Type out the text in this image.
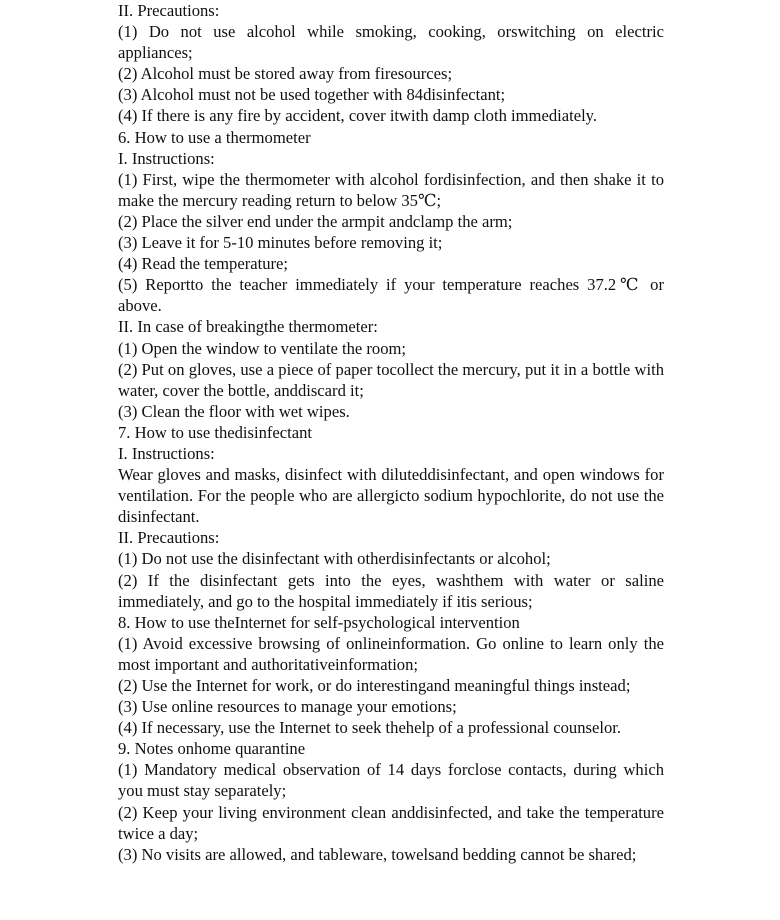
II. Precautions:

(1) Do not use alcohol while smoking, cooking, orswitching on electric appliances;

(2) Alcohol must be stored away from firesources;

(3) Alcohol must not be used together with 84disinfectant;

(4) If there is any fire by accident, cover itwith damp cloth immediately.

6. How to use a thermometer

I. Instructions:

(1) First, wipe the thermometer with alcohol fordisinfection, and then shake it to make the mercury reading return to below 35℃;

(2) Place the silver end under the armpit andclamp the arm;

(3) Leave it for 5-10 minutes before removing it;

(4) Read the temperature;

(5) Reportto the teacher immediately if your temperature reaches 37.2℃ or above.

II. In case of breakingthe thermometer:

(1) Open the window to ventilate the room;

(2) Put on gloves, use a piece of paper tocollect the mercury, put it in a bottle with water, cover the bottle, anddiscard it;

(3) Clean the floor with wet wipes.

7. How to use thedisinfectant

I. Instructions:

Wear gloves and masks, disinfect with diluteddisinfectant, and open windows for ventilation. For the people who are allergicto sodium hypochlorite, do not use the disinfectant.

II. Precautions:

(1) Do not use the disinfectant with otherdisinfectants or alcohol;

(2) If the disinfectant gets into the eyes, washthem with water or saline immediately, and go to the hospital immediately if itis serious;

8. How to use theInternet for self-psychological intervention

(1) Avoid excessive browsing of onlineinformation. Go online to learn only the most important and authoritativeinformation;

(2) Use the Internet for work, or do interestingand meaningful things instead;

(3) Use online resources to manage your emotions;

(4) If necessary, use the Internet to seek thehelp of a professional counselor.

9. Notes onhome quarantine

(1) Mandatory medical observation of 14 days forclose contacts, during which you must stay separately;

(2) Keep your living environment clean anddisinfected, and take the temperature twice a day;

(3) No visits are allowed, and tableware, towelsand bedding cannot be shared;
